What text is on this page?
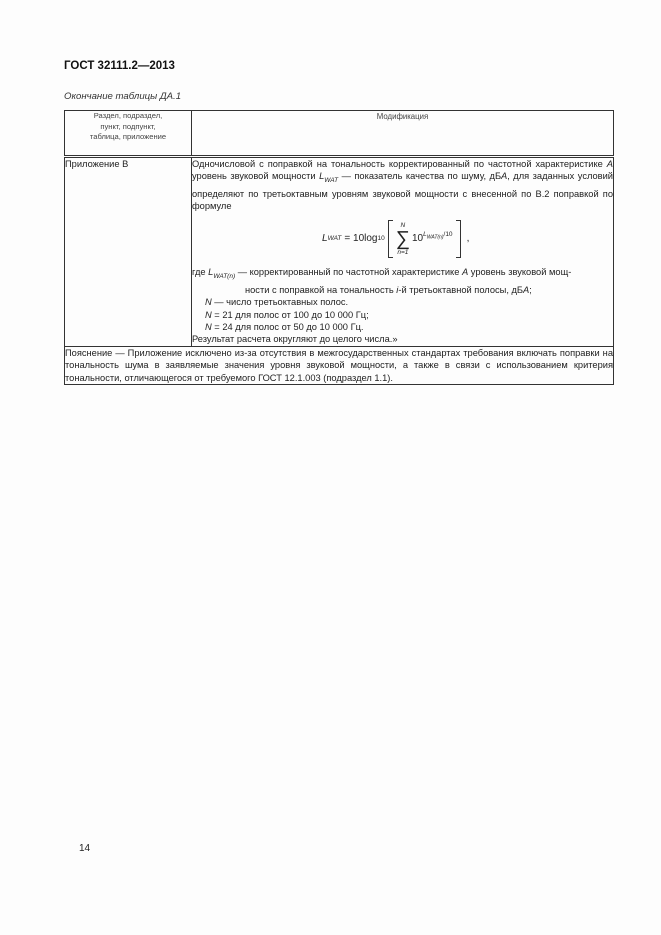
ГОСТ 32111.2—2013
Окончание таблицы ДА.1
Раздел, подраздел,
пункт, подпункт,
таблица, приложение	Модификация
Приложение В	Одночисловой с поправкой на тональность корректированный по частотной характеристике A уровень звуковой мощности $L_{WAT}$ — показатель качества по шуму, дБА, для заданных условий определяют по третьоктавным уровням звуковой мощности с внесенной по В.2 поправкой по формуле

L WAT = 10log 10
N
∑
n=1
10 $^{L_{WAT(n)}/10}$ ,

где $L_{WAT(n)}$ — корректированный по частотной характеристике A уровень звуковой мощ-

ности с поправкой на тональность i-й третьоктавной полосы, дБА;

N — число третьоктавных полос.

N = 21 для полос от 100 до 10 000 Гц;

N = 24 для полос от 50 до 10 000 Гц.

Результат расчета округляют до целого числа.»

Пояснение — Приложение исключено из-за отсутствия в межгосударственных стандартах требования включать поправки на тональность шума в заявляемые значения уровня звуковой мощности, а также в связи с использованием критерия тональности, отличающегося от требуемого ГОСТ 12.1.003 (подраздел 1.1).	
14
